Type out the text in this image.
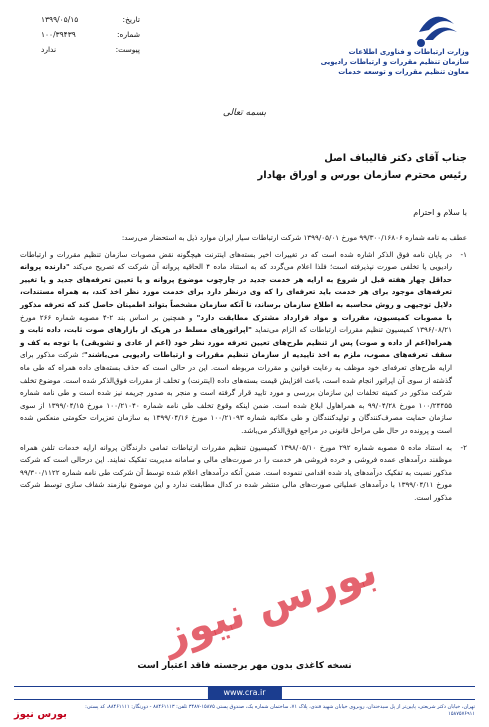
وزارت ارتباطات و فناوری اطلاعات
سازمان تنظیم مقررات و ارتباطات رادیویی
معاون تنظیم مقررات و توسعه خدمات
تاریخ:
۱۳۹۹/۰۵/۱۵
شماره:
۱۰۰/۳۹۴۳۹
پیوست:
ندارد
بسمه تعالی
جناب آقای دکتر قالیباف اصل
رئیس محترم سازمان بورس و اوراق بهادار
با سلام و احترام

عطف به نامه شماره ۹۹/۳۰۰/۱۶۸۰۶ مورخ ۱۳۹۹/۰۵/۰۱ شرکت ارتباطات سیار ایران موارد ذیل به استحضار می‌رسد:

۱-
در پایان نامه فوق الذکر اشاره شده است که در تغییرات اخیر بسته‌های اینترنت هیچگونه نقض مصوبات سازمان تنظیم مقررات و ارتباطات رادیویی یا تخلفی صورت نپذیرفته است؛ فلذا اعلام می‌گردد که به استناد ماده ۴ الحاقیه پروانه آن شرکت که تصریح می‌کند "دارنده پروانه حداقل چهار هفته قبل از شروع به ارایه هر خدمت جدید در چارچوب موضوع پروانه و یا تعیین تعرفه‌های جدید و یا تغییر تعرفه‌های موجود برای هر خدمت باید تعرفه‌ای را که وی درنظر دارد برای خدمت مورد نظر اخذ کند، به همراه مستندات، دلایل توجیهی و روش محاسبه به اطلاع سازمان برساند، تا آنکه سازمان مشخصاً بتواند اطمینان حاصل کند که تعرفه مذکور با مصوبات کمیسیون، مقررات و مواد قرارداد مشترک مطابقت دارد" و همچنین بر اساس بند ۲-۴ مصوبه شماره ۲۶۶ مورخ ۱۳۹۶/۰۸/۲۱ کمیسیون تنظیم مقررات ارتباطات که الزام می‌نماید "اپراتورهای مسلط در هریک از بازارهای صوت ثابت، داده ثابت و همراه(اعم از داده و صوت) پس از تنظیم طرح‌های تعیین تعرفه مورد نظر خود (اعم از عادی و تشویقی) با توجه به کف و سقف تعرفه‌های مصوب، ملزم به اخذ تاییدیه از سازمان تنظیم مقررات و ارتباطات رادیویی می‌باشند"؛ شرکت مذکور برای ارایه طرح‌های تعرفه‌ای خود موظف به رعایت قوانین و مقررات مربوطه است. این در حالی است که حذف بسته‌های داده همراه که طی ماه گذشته از سوی آن اپراتور انجام شده است، باعث افزایش قیمت بسته‌های داده (اینترنت) و تخلف از مقررات فوق‌الذکر شده است. موضوع تخلف شرکت مذکور در کمیته تخلفات این سازمان بررسی و مورد تایید قرار گرفته است و منجر به صدور جریمه نیز شده است و طی نامه شماره ۱۰۰/۲۴۴۵۵ مورخ ۹۹/۰۴/۲۸ به همراهاول ابلاغ شده است. ضمن اینکه وقوع تخلف طی نامه شماره ۱۰۰/۲۱۰۴۰ مورخ ۱۳۹۹/۰۴/۱۵ از سوی سازمان حمایت مصرف‌کنندگان و تولیدکنندگان و طی مکاتبه شماره ۱۰۰/۲۱۰۹۳ مورخ ۱۳۹۹/۰۴/۱۶ به سازمان تعزیرات حکومتی منعکس شده است و پرونده در حال طی مراحل قانونی در مراجع فوق‌الذکر می‌باشد.
۲-
به استناد ماده ۵ مصوبه شماره ۲۹۲ مورخ ۱۳۹۸/۰۵/۱۰ کمیسیون تنظیم مقررات ارتباطات تمامی دارندگان پروانه ارایه خدمات تلفن همراه موظفند درآمدهای عمده فروشی و خرده فروشی هر خدمت را در صورت‌های مالی و سامانه مدیریت تفکیک نمایند. این درحالی است که شرکت مذکور نسبت به تفکیک درآمدهای یاد شده اقدامی ننموده است. ضمن آنکه درآمدهای اعلام شده توسط آن شرکت طی نامه شماره ۹۹/۳۰۰/۱۱۲۲ مورخ ۱۳۹۹/۰۴/۱۱ با درآمدهای عملیاتی صورت‌های مالی منتشر شده در کدال مطابقت ندارد و این موضوع نیازمند شفاف سازی توسط شرکت مذکور است.
بورس نیوز
نسخه کاغذی بدون مهر برجسته فاقد اعتبار است
www.cra.ir
تهران، خیابان دکتر شریعتی، پایین‌تر از پل سیدخندان، روبروی خیابان شهید قندی، پلاک ۷۱، ساختمان شماره یک، صندوق پستی ۱۵۸۷۵-۳۴۸۷ تلفن: ۸۸۴۶۱۱۱۳ - دورنگار: ۸۸۴۶۱۱۱۱، کد پستی: ۱۵۸۷۵۷۶۹۱۱
بورس نیوز
